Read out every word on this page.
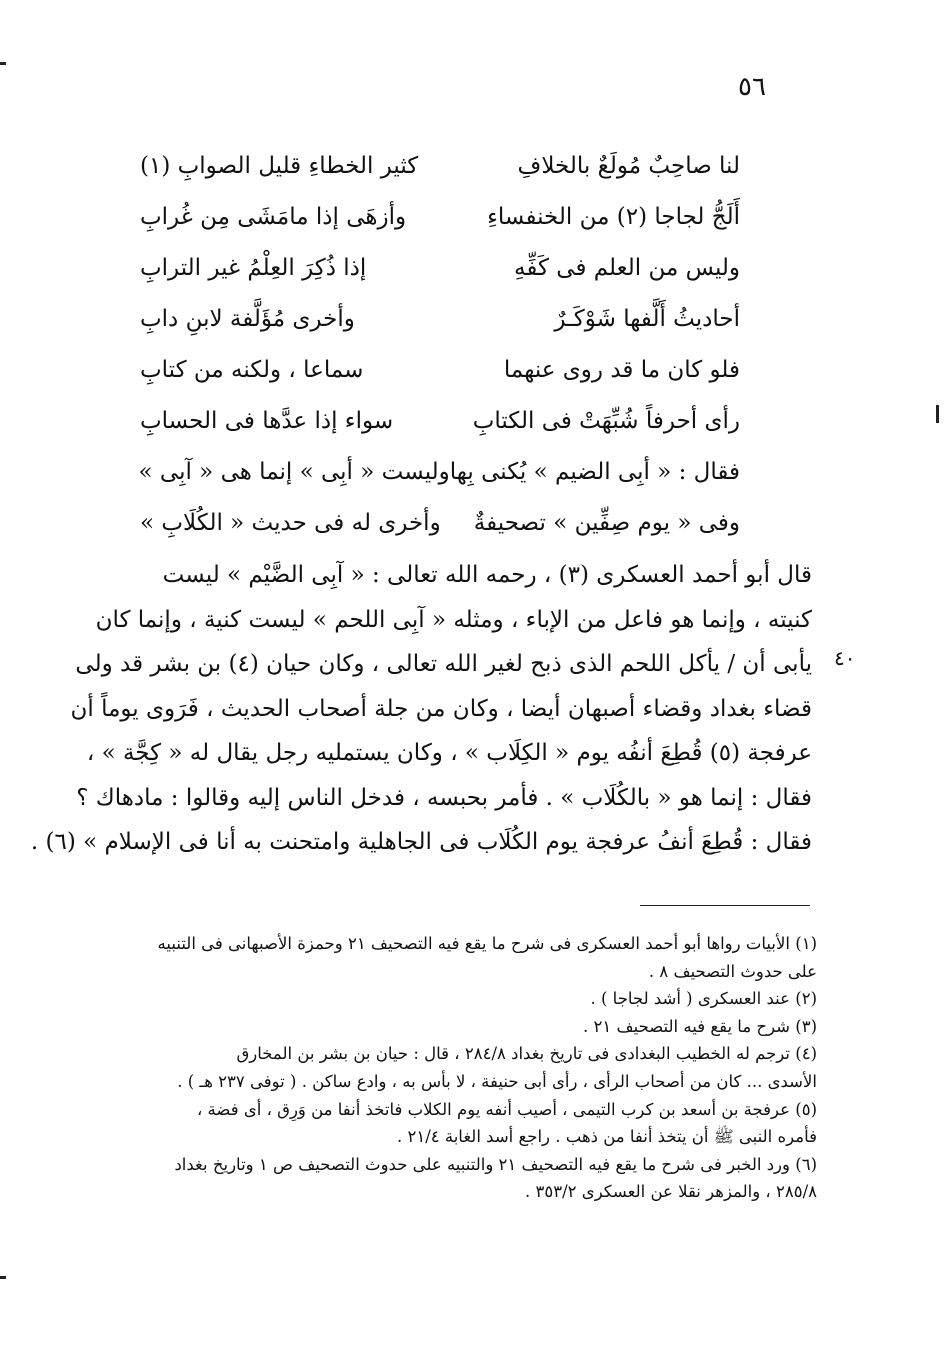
٥٦
لنا صاحِبٌ مُولَعٌ بالخلافِ
كثير الخطاءِ قليل الصوابِ (١)
أَلَجُّ لجاجا (٢) من الخنفساءِ
وأزهَى إذا مامَشَى مِن غُرابِ
وليس من العلم فى كَفِّهِ
إذا ذُكِرَ العِلْمُ غير الترابِ
أحاديثُ أَلَّفها شَوْكَـرٌ
وأخرى مُؤَلَّفة لابنِ دابِ
فلو كان ما قد روى عنهما
سماعا ، ولكنه من كتابِ
رأى أحرفاً شُبِّهَتْ فى الكتابِ
سواء إذا عدَّها فى الحسابِ
فقال : « أبِى الضيم » يُكنى بِها
وليست « أبِى » إنما هى « آبِى »
وفى « يوم صِفِّين » تصحيفةٌ
وأخرى له فى حديث « الكُلَابِ »
قال أبو أحمد العسكرى (٣) ، رحمه الله تعالى : « آبِى الضَّيْم » ليست
كنيته ، وإنما هو فاعل من الإباء ، ومثله « آبِى اللحم » ليست كنية ، وإنما كان
يأبى أن / يأكل اللحم الذى ذبح لغير الله تعالى ، وكان حيان (٤) بن بشر قد ولى
قضاء بغداد وقضاء أصبهان أيضا ، وكان من جلة أصحاب الحديث ، فَرَوى يوماً أن
عرفجة (٥) قُطِعَ أنفُه يوم « الكِلَاب » ، وكان يستمليه رجل يقال له « كِجَّة » ،
فقال : إنما هو « بالكُلَاب » . فأمر بحبسه ، فدخل الناس إليه وقالوا : مادهاك ؟
فقال : قُطِعَ أنفُ عرفجة يوم الكُلَاب فى الجاهلية وامتحنت به أنا فى الإسلام » (٦) .
٤٠
(١) الأبيات رواها أبو أحمد العسكرى فى شرح ما يقع فيه التصحيف ٢١ وحمزة الأصبهانى فى التنبيه
على حدوث التصحيف ٨ .
(٢) عند العسكرى ( أشد لجاجا ) .
(٣) شرح ما يقع فيه التصحيف ٢١ .
(٤) ترجم له الخطيب البغدادى فى تاريخ بغداد ٢٨٤/٨ ، قال : حيان بن بشر بن المخارق
الأسدى ... كان من أصحاب الرأى ، رأى أبى حنيفة ، لا بأس به ، وادع ساكن . ( توفى ٢٣٧ هـ ) .
(٥) عرفجة بن أسعد بن كرب التيمى ، أصيب أنفه يوم الكلاب فاتخذ أنفا من وَرِق ، أى فضة ،
فأمره النبى ﷺ أن يتخذ أنفا من ذهب . راجع أسد الغابة ٢١/٤ .
(٦) ورد الخبر فى شرح ما يقع فيه التصحيف ٢١ والتنبيه على حدوث التصحيف ص ١ وتاريخ بغداد
٢٨٥/٨ ، والمزهر نقلا عن العسكرى ٣٥٣/٢ .
